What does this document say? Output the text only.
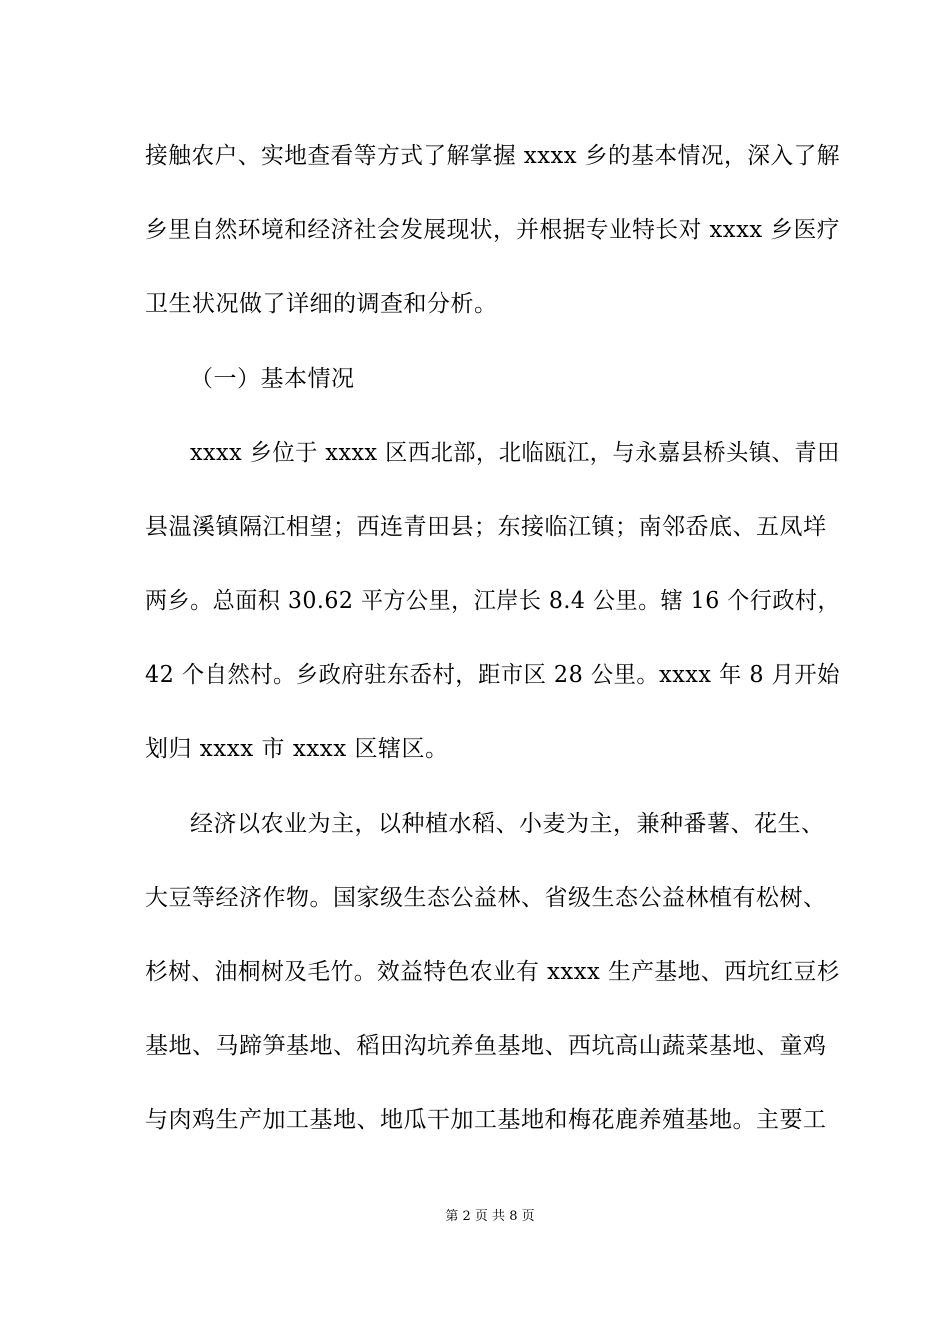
接触农户、实地查看等方式了解掌握 xxxx 乡的基本情况，深入了解
乡里自然环境和经济社会发展现状，并根据专业特长对 xxxx 乡医疗
卫生状况做了详细的调查和分析。
（一）基本情况
xxxx 乡位于 xxxx 区西北部，北临瓯江，与永嘉县桥头镇、青田
县温溪镇隔江相望；西连青田县；东接临江镇；南邻岙底、五凤垟
两乡。总面积 30.62 平方公里，江岸长 8.4 公里。辖 16 个行政村，
42 个自然村。乡政府驻东岙村，距市区 28 公里。xxxx 年 8 月开始
划归 xxxx 市 xxxx 区辖区。
经济以农业为主，以种植水稻、小麦为主，兼种番薯、花生、
大豆等经济作物。国家级生态公益林、省级生态公益林植有松树、
杉树、油桐树及毛竹。效益特色农业有 xxxx 生产基地、西坑红豆杉
基地、马蹄笋基地、稻田沟坑养鱼基地、西坑高山蔬菜基地、童鸡
与肉鸡生产加工基地、地瓜干加工基地和梅花鹿养殖基地。主要工
第 2 页 共 8 页
